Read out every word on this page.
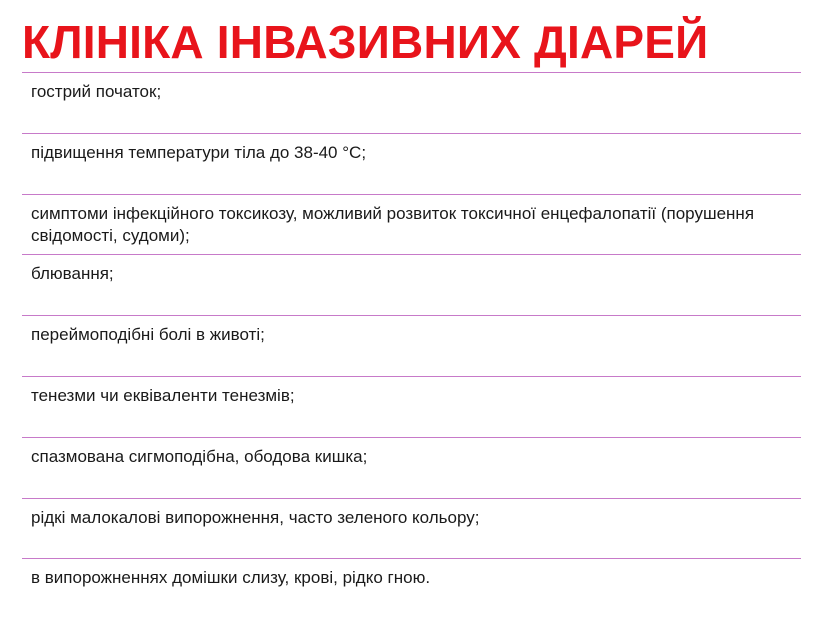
КЛІНІКА ІНВАЗИВНИХ ДІАРЕЙ
гострий початок;
підвищення температури тіла до 38-40 °С;
симптоми інфекційного токсикозу, можливий розвиток токсичної енцефалопатії (порушення свідомості, судоми);
блювання;
переймоподібні болі в животі;
тенезми чи еквіваленти тенезмів;
спазмована сигмоподібна, ободова кишка;
рідкі малокалові випорожнення, часто зеленого кольору;
в випорожненнях домішки слизу, крові, рідко гною.
